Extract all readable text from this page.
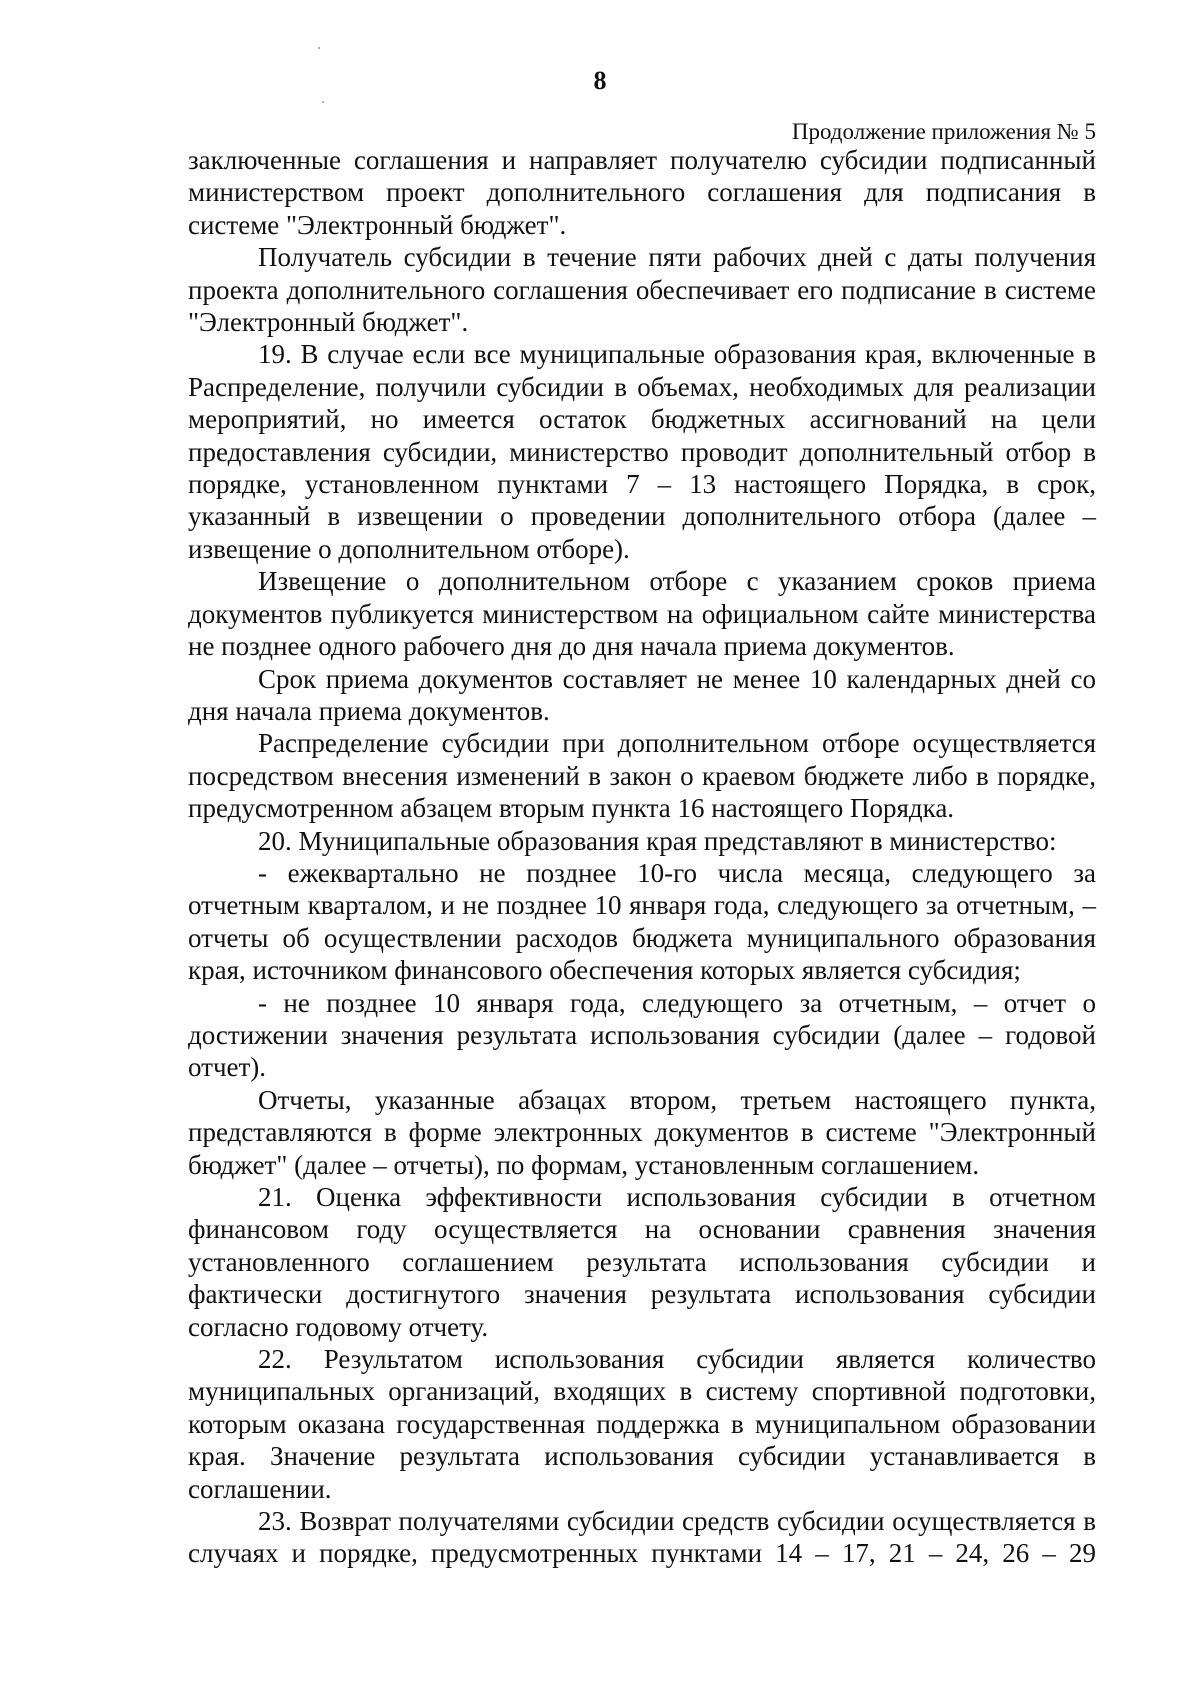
8
Продолжение приложения № 5

заключенные соглашения и направляет получателю субсидии подписанный министерством проект дополнительного соглашения для подписания в системе "Электронный бюджет".

Получатель субсидии в течение пяти рабочих дней с даты получения проекта дополнительного соглашения обеспечивает его подписание в системе "Электронный бюджет".

19. В случае если все муниципальные образования края, включенные в Распределение, получили субсидии в объемах, необходимых для реализации мероприятий, но имеется остаток бюджетных ассигнований на цели предоставления субсидии, министерство проводит дополнительный отбор в порядке, установленном пунктами 7 – 13 настоящего Порядка, в срок, указанный в извещении о проведении дополнительного отбора (далее – извещение о дополнительном отборе).

Извещение о дополнительном отборе с указанием сроков приема документов публикуется министерством на официальном сайте министерства не позднее одного рабочего дня до дня начала приема документов.

Срок приема документов составляет не менее 10 календарных дней со дня начала приема документов.

Распределение субсидии при дополнительном отборе осуществляется посредством внесения изменений в закон о краевом бюджете либо в порядке, предусмотренном абзацем вторым пункта 16 настоящего Порядка.

20. Муниципальные образования края представляют в министерство:

- ежеквартально не позднее 10-го числа месяца, следующего за отчетным кварталом, и не позднее 10 января года, следующего за отчетным, – отчеты об осуществлении расходов бюджета муниципального образования края, источником финансового обеспечения которых является субсидия;

- не позднее 10 января года, следующего за отчетным, – отчет о достижении значения результата использования субсидии (далее – годовой отчет).

Отчеты, указанные абзацах втором, третьем настоящего пункта, представляются в форме электронных документов в системе "Электронный бюджет" (далее – отчеты), по формам, установленным соглашением.

21. Оценка эффективности использования субсидии в отчетном финансовом году осуществляется на основании сравнения значения установленного соглашением результата использования субсидии и фактически достигнутого значения результата использования субсидии согласно годовому отчету.

22. Результатом использования субсидии является количество муниципальных организаций, входящих в систему спортивной подготовки, которым оказана государственная поддержка в муниципальном образовании края. Значение результата использования субсидии устанавливается в соглашении.

23. Возврат получателями субсидии средств субсидии осуществляется в случаях и порядке, предусмотренных пунктами 14 – 17, 21 – 24, 26 – 29
